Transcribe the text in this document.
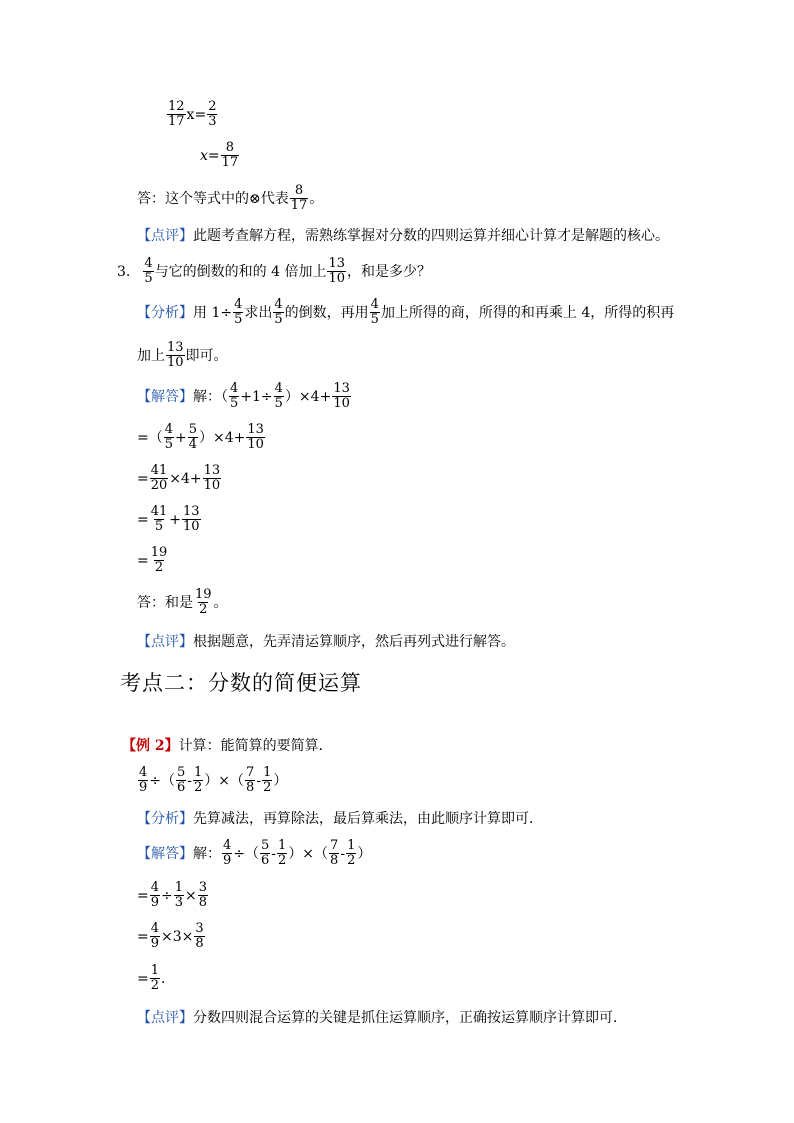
$\frac{12}{17} x= \frac{2}{3}$
$x= \frac{8}{17}$
答：这个等式中的⊗代表 $\frac{8}{17}$ 。
【点评】 此题考查解方程，需熟练掌握对分数的四则运算并细心计算才是解题的核心。
3. $\frac{4}{5}$ 与它的倒数的和的 4 倍加上 $\frac{13}{10}$ ，和是多少？
【分析】 用 $1\div \frac{4}{5}$ 求出 $\frac{4}{5}$ 的倒数，再用 $\frac{4}{5}$ 加上所得的商，所得的和再乘上 4，所得的积再
加上 $\frac{13}{10}$ 即可。
【解答】 解：（ $\frac{4}{5} +1\div \frac{4}{5} )\times 4+ \frac{13}{10}$
=（ $\frac{4}{5} + \frac{5}{4} )\times 4+ \frac{13}{10}$
= $\frac{41}{20} \times 4+ \frac{13}{10}$
= $\frac{41}{5} + \frac{13}{10}$
= $\frac{19}{2}$
答：和是 $\frac{19}{2}$ 。
【点评】 根据题意，先弄清运算顺序，然后再列式进行解答。
考点二：分数的简便运算
【例 2】 计算：能简算的要简算．
$\frac{4}{9}$ ÷（ $\frac{5}{6} - \frac{1}{2}$ ）×（ $\frac{7}{8} - \frac{1}{2}$ ）
【分析】 先算减法，再算除法，最后算乘法，由此顺序计算即可．
【解答】 解： $\frac{4}{9}$ ÷（ $\frac{5}{6} - \frac{1}{2}$ ）×（ $\frac{7}{8} - \frac{1}{2}$ ）
= $\frac{4}{9} \div \frac{1}{3} \times \frac{3}{8}$
= $\frac{4}{9} \times 3\times \frac{3}{8}$
= $\frac{1}{2}$ ．
【点评】 分数四则混合运算的关键是抓住运算顺序，正确按运算顺序计算即可．
